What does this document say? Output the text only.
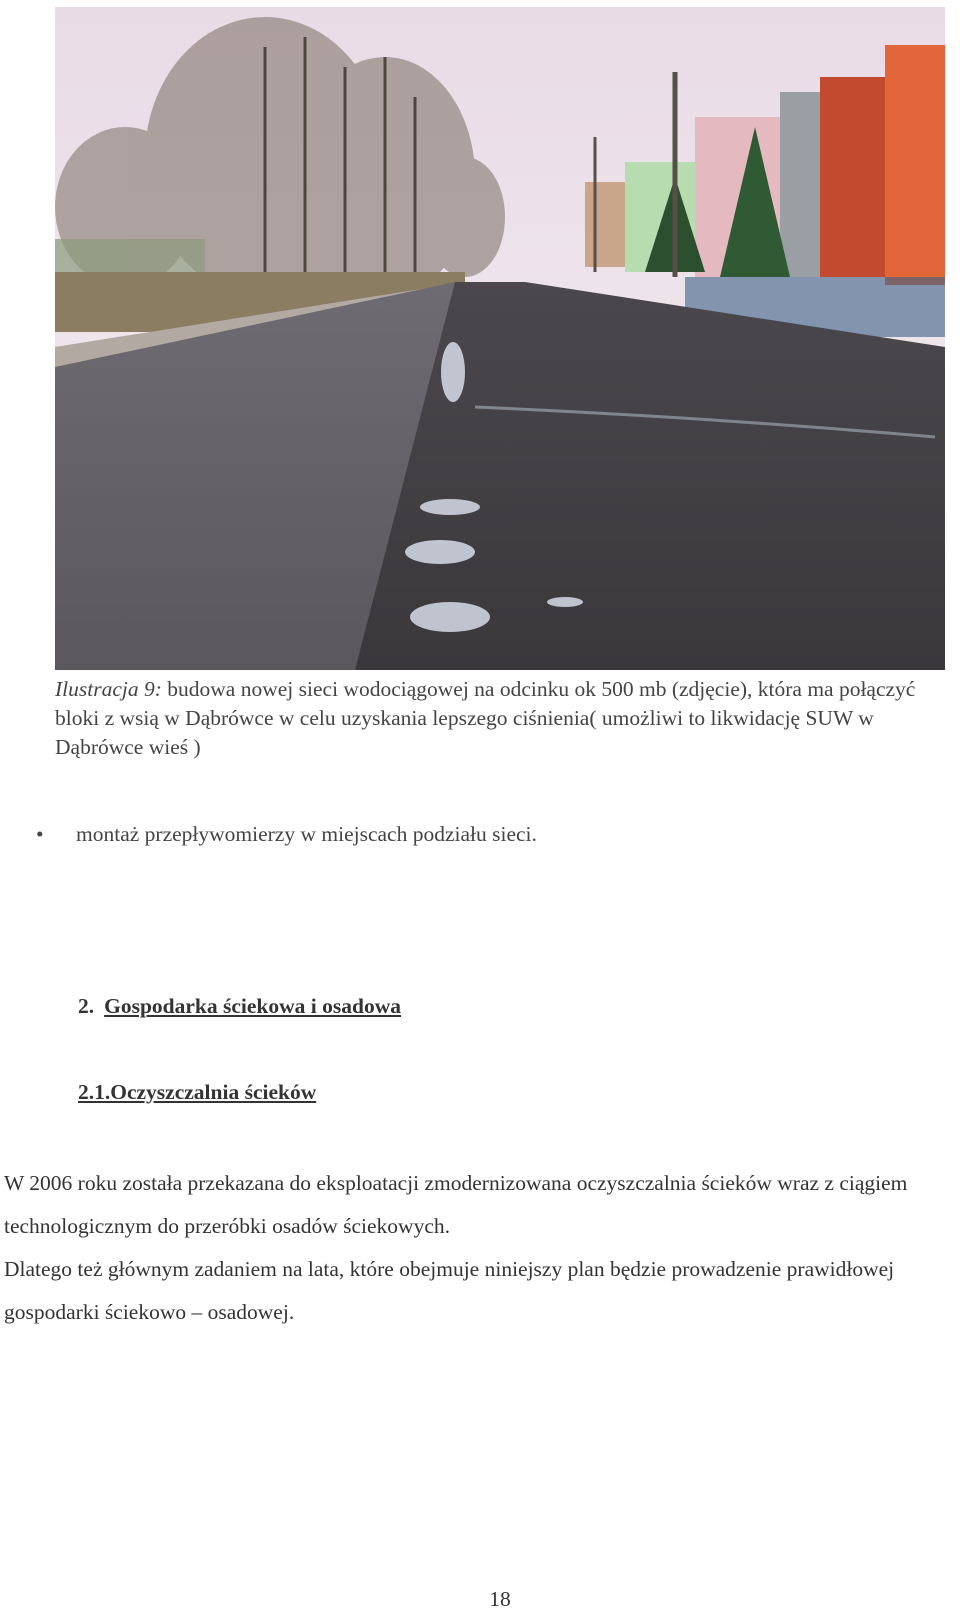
Ilustracja 9: budowa nowej sieci wodociągowej na odcinku ok 500 mb (zdjęcie), która ma połączyć bloki z wsią w Dąbrówce w celu uzyskania lepszego ciśnienia( umożliwi to likwidację SUW w Dąbrówce wieś )
• montaż przepływomierzy w miejscach podziału sieci.
2. Gospodarka ściekowa i osadowa
2.1.Oczyszczalnia ścieków
W 2006 roku została przekazana do eksploatacji zmodernizowana oczyszczalnia ścieków wraz z ciągiem technologicznym do przeróbki osadów ściekowych.
Dlatego też głównym zadaniem na lata, które obejmuje niniejszy plan będzie prowadzenie prawidłowej gospodarki ściekowo – osadowej.
18
